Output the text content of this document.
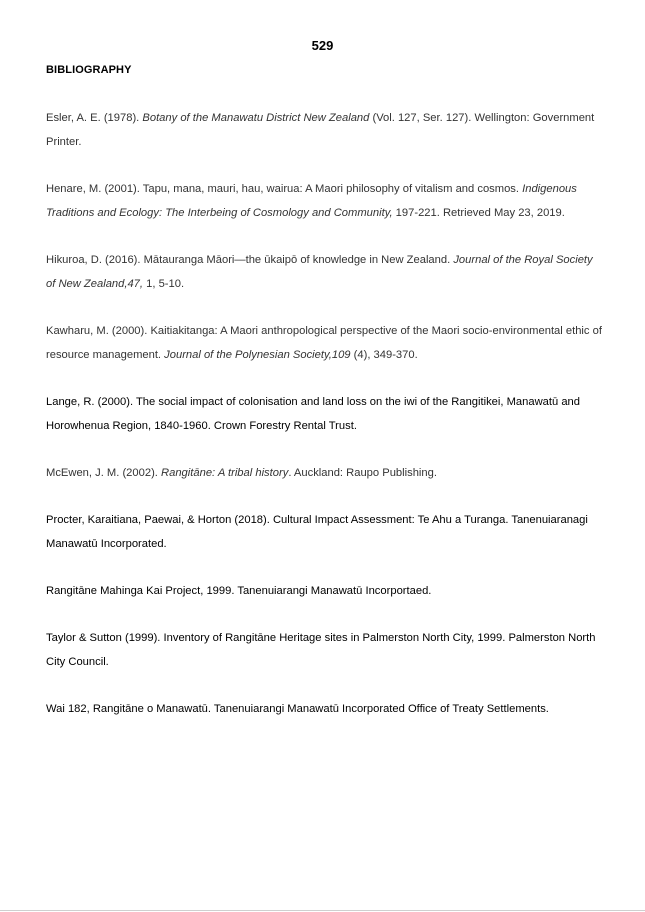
529
BIBLIOGRAPHY

Esler, A. E. (1978). Botany of the Manawatu District New Zealand (Vol. 127, Ser. 127). Wellington: Government Printer.

Henare, M. (2001). Tapu, mana, mauri, hau, wairua: A Maori philosophy of vitalism and cosmos. Indigenous Traditions and Ecology: The Interbeing of Cosmology and Community, 197-221. Retrieved May 23, 2019.

Hikuroa, D. (2016). Mātauranga Māori—the ūkaipō of knowledge in New Zealand. Journal of the Royal Society of New Zealand,47, 1, 5-10.

Kawharu, M. (2000). Kaitiakitanga: A Maori anthropological perspective of the Maori socio-environmental ethic of resource management. Journal of the Polynesian Society,109 (4), 349-370.

Lange, R. (2000). The social impact of colonisation and land loss on the iwi of the Rangitikei, Manawatū and Horowhenua Region, 1840-1960. Crown Forestry Rental Trust.

McEwen, J. M. (2002). Rangitāne: A tribal history. Auckland: Raupo Publishing.

Procter, Karaitiana, Paewai, & Horton (2018). Cultural Impact Assessment: Te Ahu a Turanga. Tanenuiaranagi Manawatū Incorporated.

Rangitāne Mahinga Kai Project, 1999. Tanenuiarangi Manawatū Incorportaed.

Taylor & Sutton (1999). Inventory of Rangitāne Heritage sites in Palmerston North City, 1999. Palmerston North City Council.

Wai 182, Rangitāne o Manawatū. Tanenuiarangi Manawatū Incorporated Office of Treaty Settlements.
